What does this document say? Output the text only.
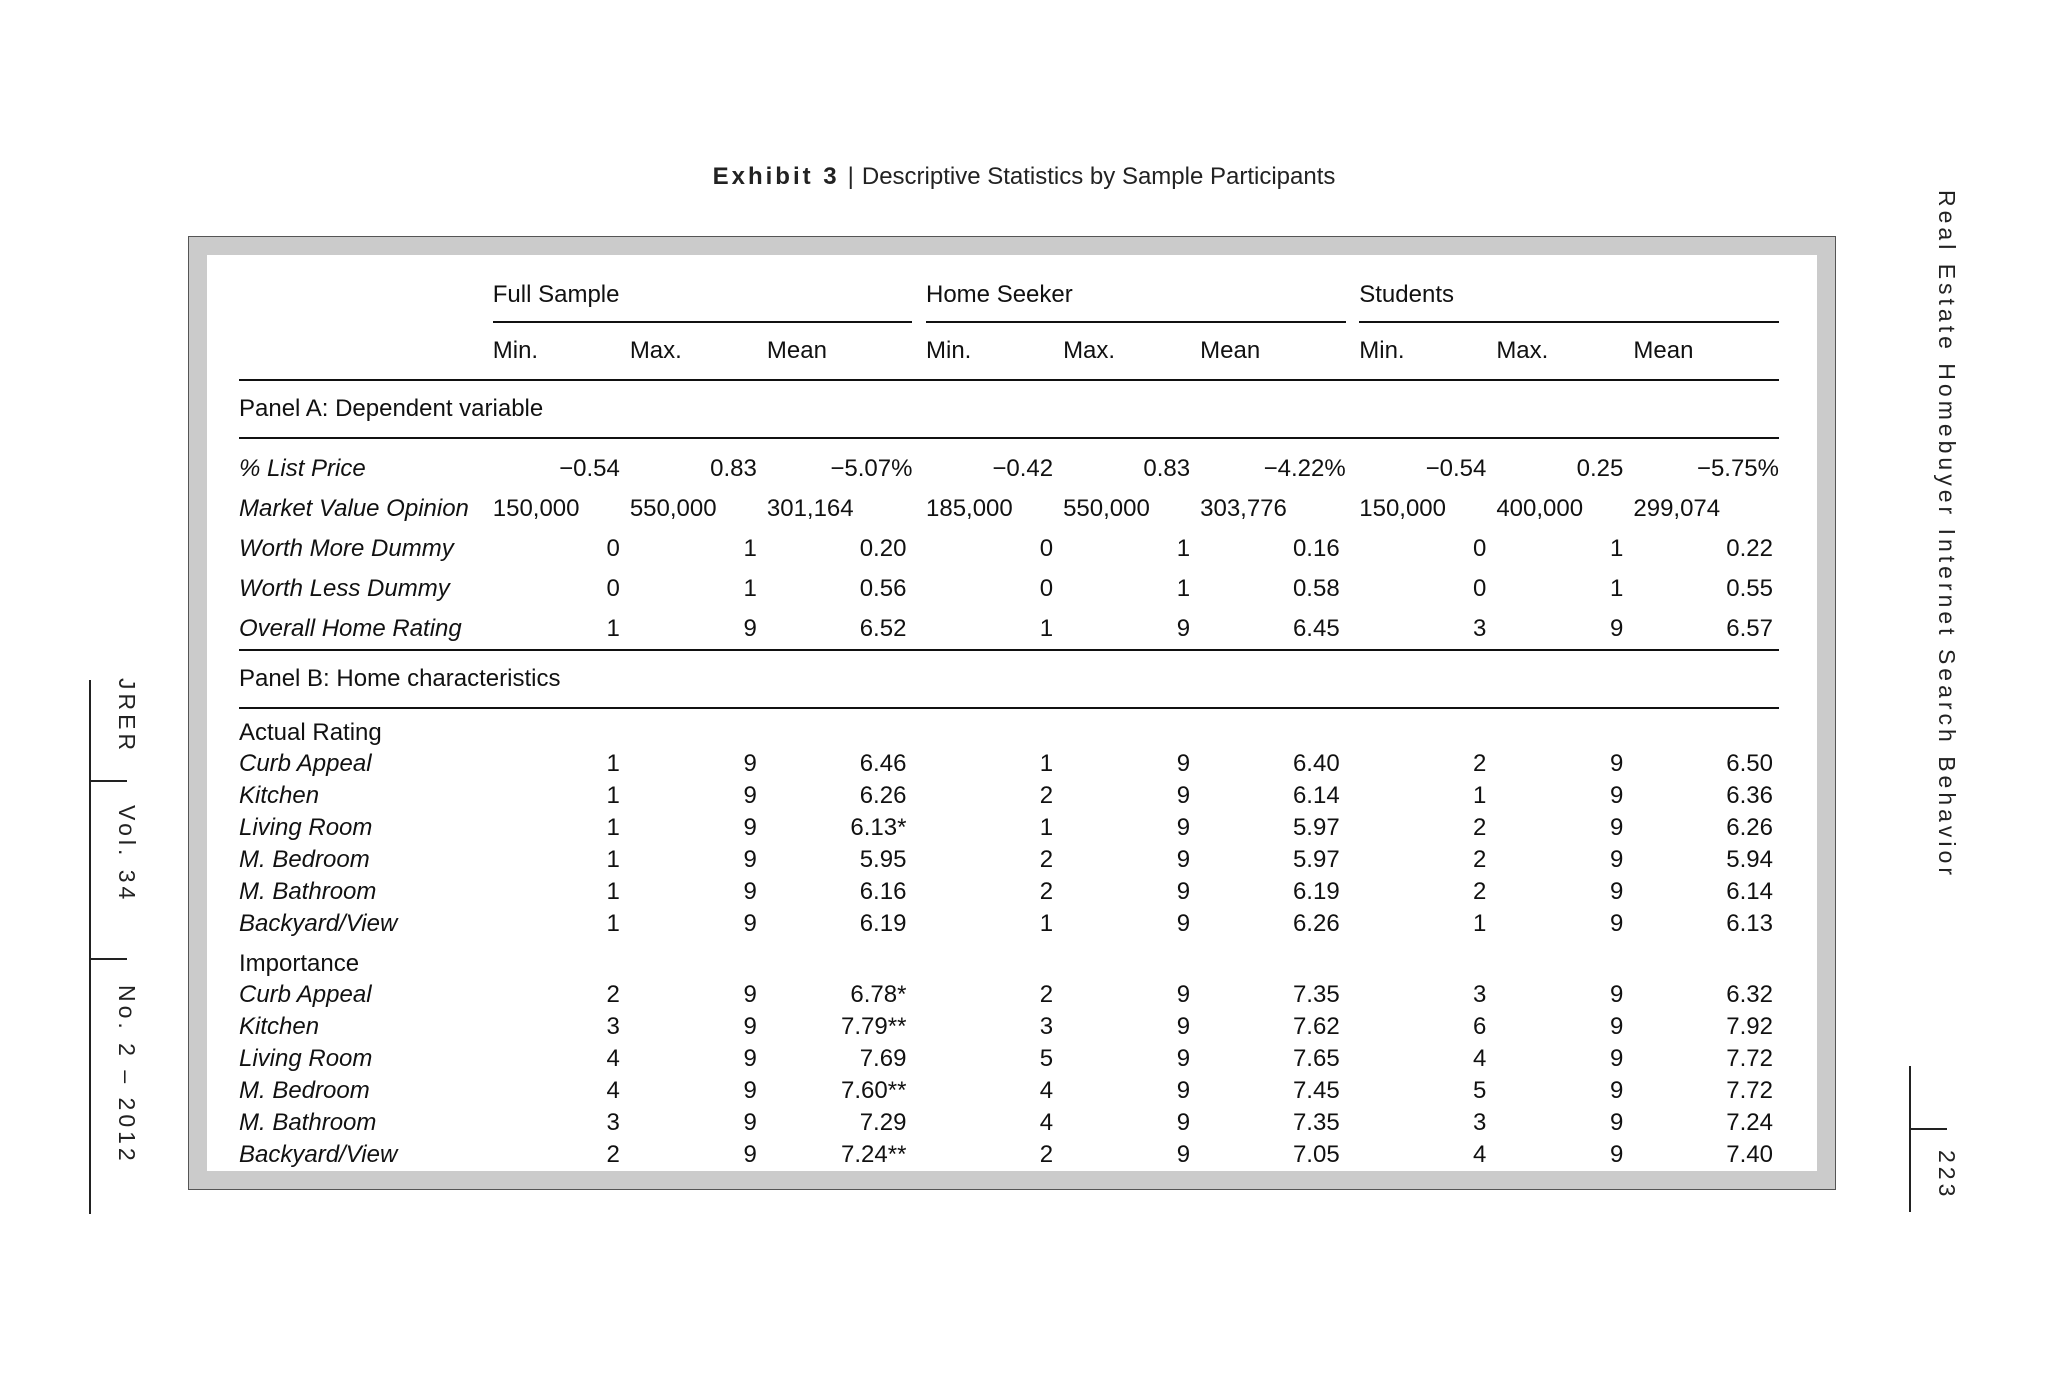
Exhibit 3 | Descriptive Statistics by Sample Participants
	Full Sample				Home Seeker				Students		
	Min.	Max.	Mean		Min.	Max.	Mean		Min.	Max.	Mean
Panel A: Dependent variable											

% List Price	−0.54	0.83	−5.07%		−0.42	0.83	−4.22%		−0.54	0.25	−5.75%
Market Value Opinion	150,000	550,000	301,164		185,000	550,000	303,776		150,000	400,000	299,074
Worth More Dummy	0	1	0.20		0	1	0.16		0	1	0.22
Worth Less Dummy	0	1	0.56		0	1	0.58		0	1	0.55
Overall Home Rating	1	9	6.52		1	9	6.45		3	9	6.57
Panel B: Home characteristics											
Actual Rating											
Curb Appeal	1	9	6.46		1	9	6.40		2	9	6.50
Kitchen	1	9	6.26		2	9	6.14		1	9	6.36
Living Room	1	9	6.13*		1	9	5.97		2	9	6.26
M. Bedroom	1	9	5.95		2	9	5.97		2	9	5.94
M. Bathroom	1	9	6.16		2	9	6.19		2	9	6.14
Backyard/View	1	9	6.19		1	9	6.26		1	9	6.13
Importance											
Curb Appeal	2	9	6.78*		2	9	7.35		3	9	6.32
Kitchen	3	9	7.79**		3	9	7.62		6	9	7.92
Living Room	4	9	7.69		5	9	7.65		4	9	7.72
M. Bedroom	4	9	7.60**		4	9	7.45		5	9	7.72
M. Bathroom	3	9	7.29		4	9	7.35		3	9	7.24
Backyard/View	2	9	7.24**		2	9	7.05		4	9	7.40
Real Estate Homebuyer Internet Search Behavior
223
JRER
Vol. 34
No. 2 – 2012
